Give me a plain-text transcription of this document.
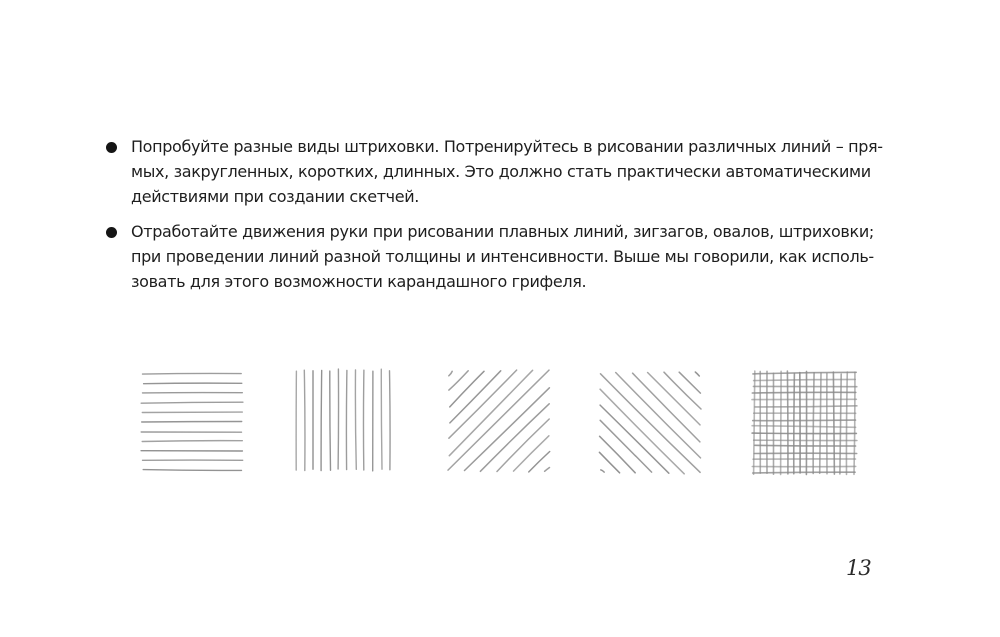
Попробуйте разные виды штриховки. Потренируйтесь в рисовании различных линий – пря-
мых, закругленных, коротких, длинных. Это должно стать практически автоматическими
действиями при создании скетчей.
Отработайте движения руки при рисовании плавных линий, зигзагов, овалов, штриховки;
при проведении линий разной толщины и интенсивности. Выше мы говорили, как исполь-
зовать для этого возможности карандашного грифеля.
13
